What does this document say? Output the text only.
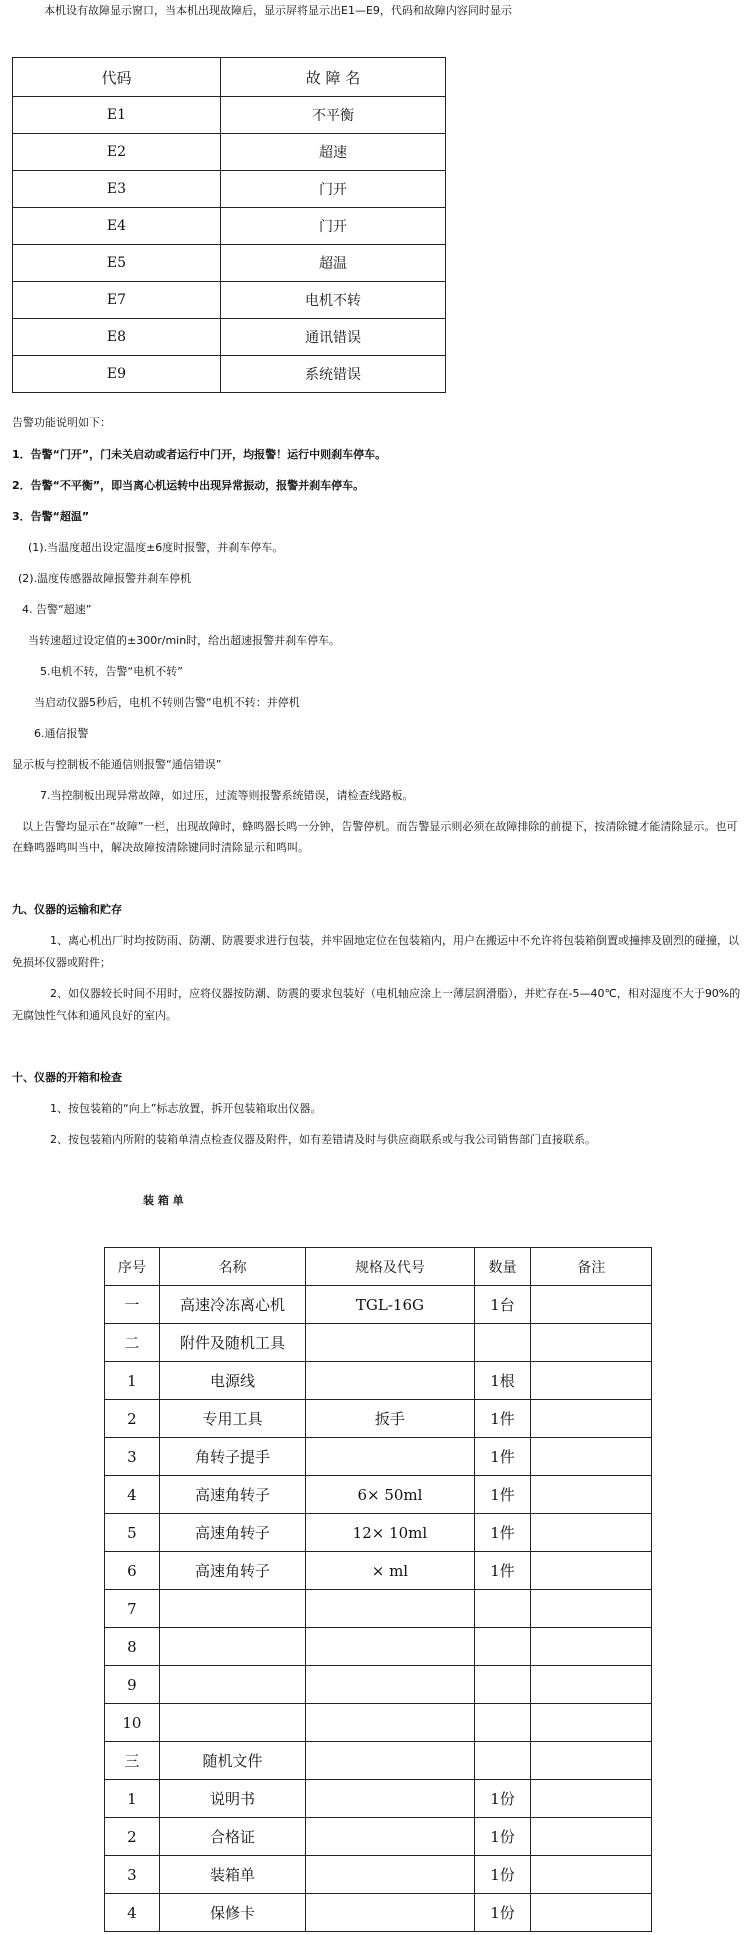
本机设有故障显示窗口，当本机出现故障后，显示屏将显示出E1—E9，代码和故障内容同时显示
代码	故 障 名
E1	不平衡
E2	超速
E3	门开
E4	门开
E5	超温
E7	电机不转
E8	通讯错误
E9	系统错误
告警功能说明如下：
1．告警“门开”，门未关启动或者运行中门开，均报警！运行中则刹车停车。
2．告警“不平衡”，即当离心机运转中出现异常振动，报警并刹车停车。
3．告警“超温”
(1).当温度超出设定温度±6度时报警，并刹车停车。
(2).温度传感器故障报警并刹车停机
4. 告警“超速”
当转速超过设定值的±300r/min时，给出超速报警并刹车停车。
5.电机不转，告警“电机不转”
当启动仪器5秒后，电机不转则告警“电机不转：并停机
6.通信报警
显示板与控制板不能通信则报警“通信错误”
7.当控制板出现异常故障，如过压，过流等则报警系统错误，请检查线路板。
以上告警均显示在“故障”一栏，出现故障时，蜂鸣器长鸣一分钟，告警停机。而告警显示则必须在故障排除的前提下，按清除键才能清除显示。也可
在蜂鸣器鸣叫当中，解决故障按清除键同时清除显示和鸣叫。
九、仪器的运输和贮存
1、离心机出厂时均按防雨、防潮、防震要求进行包装，并牢固地定位在包装箱内，用户在搬运中不允许将包装箱倒置或撞摔及剧烈的碰撞，以
免损坏仪器或附件；
2、如仪器较长时间不用时，应将仪器按防潮、防震的要求包装好（电机轴应涂上一薄层润滑脂），并贮存在-5—40℃，相对湿度不大于90%的
无腐蚀性气体和通风良好的室内。
十、仪器的开箱和检查
1、按包装箱的“向上”标志放置，拆开包装箱取出仪器。
2、按包装箱内所附的装箱单清点检查仪器及附件，如有差错请及时与供应商联系或与我公司销售部门直接联系。
装 箱 单
序号	名称	规格及代号	数量	备注
一	高速冷冻离心机	TGL-16G	1台	
二	附件及随机工具			
1	电源线		1根	
2	专用工具	扳手	1件	
3	角转子提手		1件	
4	高速角转子	6× 50ml	1件	
5	高速角转子	12× 10ml	1件	
6	高速角转子	× ml	1件	
7				
8				
9				
10				
三	随机文件			
1	说明书		1份	
2	合格证		1份	
3	装箱单		1份	
4	保修卡		1份	
